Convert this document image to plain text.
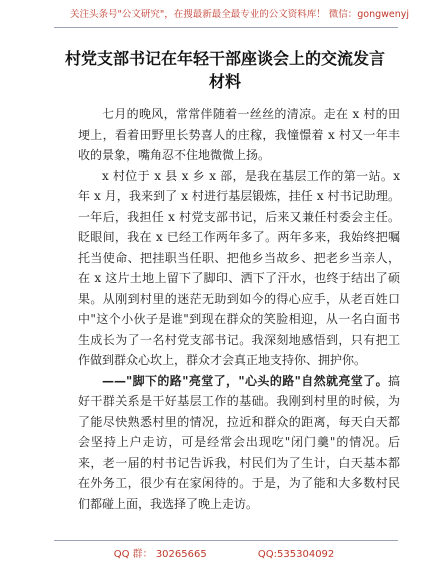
关注头条号"公文研究"，在搜最新最全最专业的公文资料库！ 微信：gongwenyj
村党支部书记在年轻干部座谈会上的交流发言材料

七月的晚风，常常伴随着一丝丝的清凉。走在 x 村的田埂上，看着田野里长势喜人的庄稼，我憧憬着 x 村又一年丰收的景象，嘴角忍不住地微微上扬。

x 村位于 x 县 x 乡 x 部，是我在基层工作的第一站。x 年 x 月，我来到了 x 村进行基层锻炼，挂任 x 村书记助理。一年后，我担任 x 村党支部书记，后来又兼任村委会主任。眨眼间，我在 x 已经工作两年多了。两年多来，我始终把嘱托当使命、把挂职当任职、把他乡当故乡、把老乡当亲人，在 x 这片土地上留下了脚印、洒下了汗水，也终于结出了硕果。从刚到村里的迷茫无助到如今的得心应手，从老百姓口中"这个小伙子是谁"到现在群众的笑脸相迎，从一名白面书生成长为了一名村党支部书记。我深刻地感悟到，只有把工作做到群众心坎上，群众才会真正地支持你、拥护你。

——"脚下的路"亮堂了，"心头的路"自然就亮堂了。搞好干群关系是干好基层工作的基础。我刚到村里的时候，为了能尽快熟悉村里的情况，拉近和群众的距离，每天白天都会坚持上户走访，可是经常会出现吃"闭门羹"的情况。后来，老一届的村书记告诉我，村民们为了生计，白天基本都在外务工，很少有在家闲待的。于是，为了能和大多数村民们都碰上面，我选择了晚上走访。

QQ 群： 30265665	QQ:535304092
